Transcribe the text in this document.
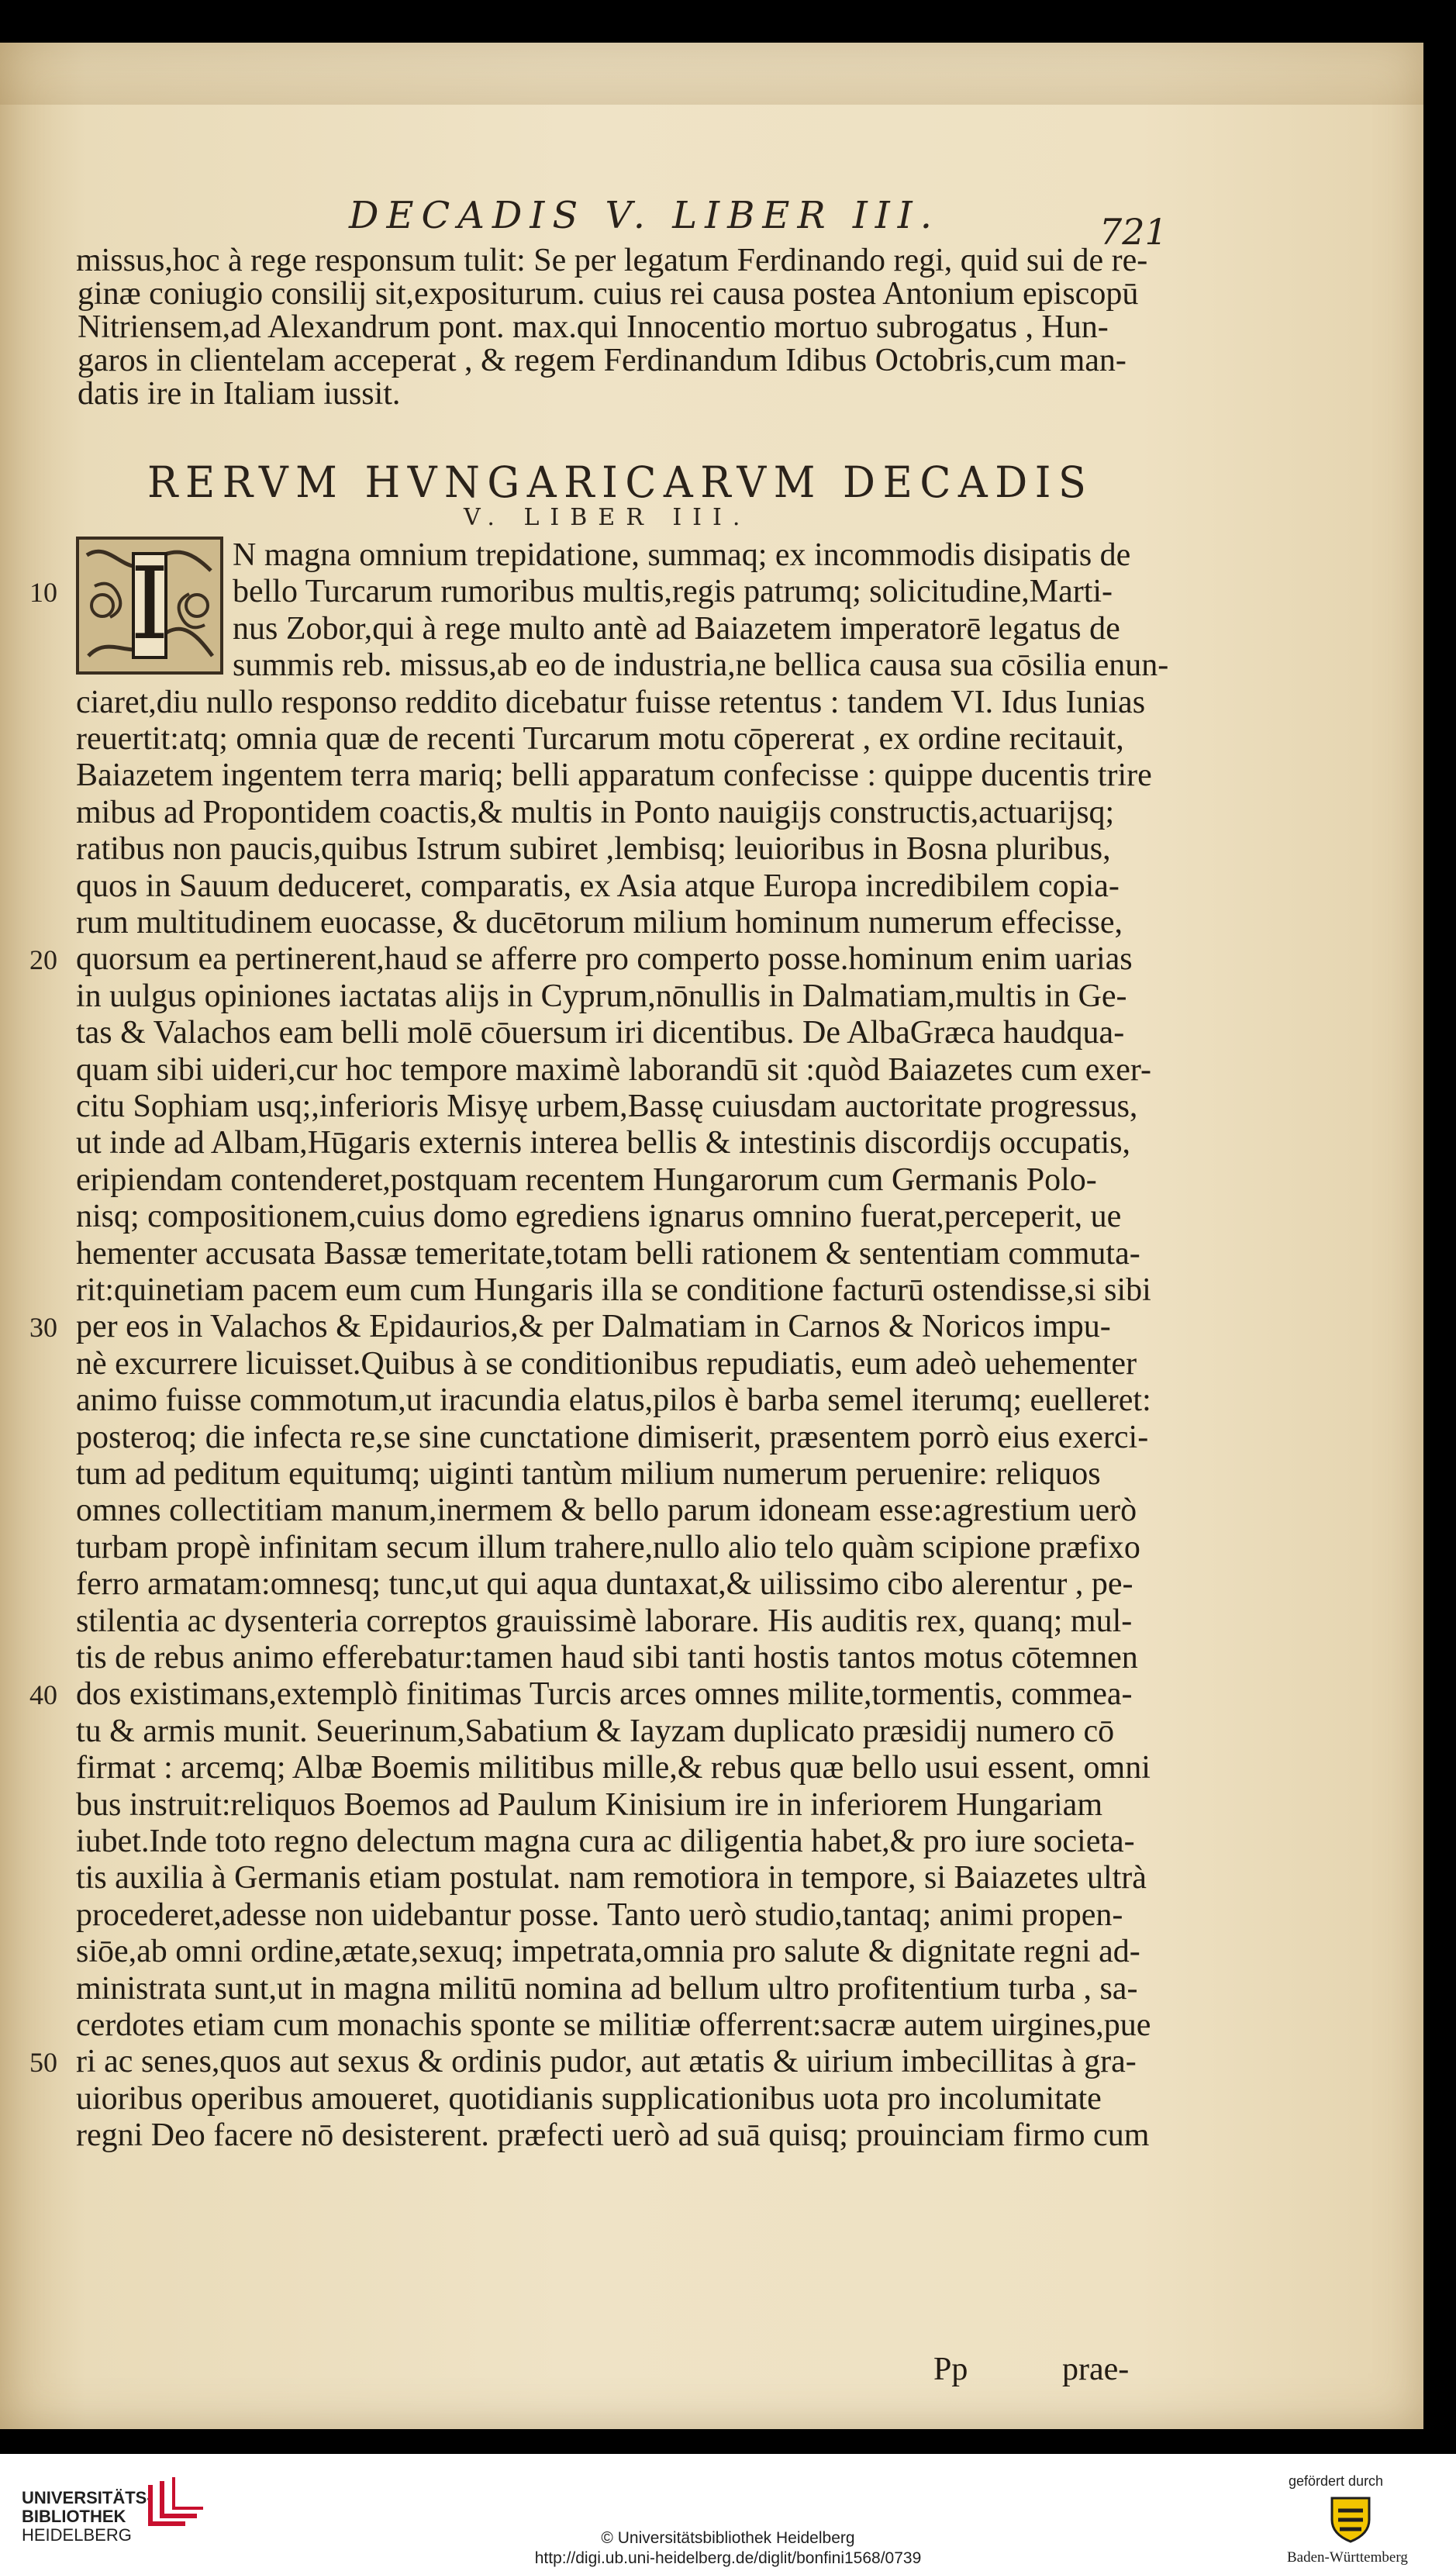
DECADIS V. LIBER III.	721
missus,hoc à rege responsum tulit: Se per legatum Ferdinando regi, quid sui de re-
ginæ coniugio consilij sit,expositurum. cuius rei causa postea Antonium episcopū
Nitriensem,ad Alexandrum pont. max.qui Innocentio mortuo subrogatus , Hun-
garos in clientelam acceperat , & regem Ferdinandum Idibus Octobris,cum man-
datis ire in Italiam iussit.
RERVM HVNGARICARVM DECADIS
V. LIBER III.
I N magna omnium trepidatione, summaq; ex incommodis disipatis de
bello Turcarum rumoribus multis,regis patrumq; solicitudine,Marti-
nus Zobor,qui à rege multo antè ad Baiazetem imperatorē legatus de
summis reb. missus,ab eo de industria,ne bellica causa sua cōsilia enun-
ciaret,diu nullo responso reddito dicebatur fuisse retentus : tandem VI. Idus Iunias
reuertit:atq; omnia quæ de recenti Turcarum motu cōpererat , ex ordine recitauit,
Baiazetem ingentem terra mariq; belli apparatum confecisse : quippe ducentis trire
mibus ad Propontidem coactis,& multis in Ponto nauigijs constructis,actuarijsq;
ratibus non paucis,quibus Istrum subiret ,lembisq; leuioribus in Bosna pluribus,
quos in Sauum deduceret, comparatis, ex Asia atque Europa incredibilem copia-
rum multitudinem euocasse, & ducētorum milium hominum numerum effecisse,
quorsum ea pertinerent,haud se afferre pro comperto posse.hominum enim uarias
in uulgus opiniones iactatas alijs in Cyprum,nōnullis in Dalmatiam,multis in Ge-
tas & Valachos eam belli molē cōuersum iri dicentibus. De AlbaGræca haudqua-
quam sibi uideri,cur hoc tempore maximè laborandū sit :quòd Baiazetes cum exer-
citu Sophiam usq;,inferioris Misyę urbem,Bassę cuiusdam auctoritate progressus,
ut inde ad Albam,Hūgaris externis interea bellis & intestinis discordijs occupatis,
eripiendam contenderet,postquam recentem Hungarorum cum Germanis Polo-
nisq; compositionem,cuius domo egrediens ignarus omnino fuerat,perceperit, ue
hementer accusata Bassæ temeritate,totam belli rationem & sententiam commuta-
rit:quinetiam pacem eum cum Hungaris illa se conditione facturū ostendisse,si sibi
per eos in Valachos & Epidaurios,& per Dalmatiam in Carnos & Noricos impu-
nè excurrere licuisset.Quibus à se conditionibus repudiatis, eum adeò uehementer
animo fuisse commotum,ut iracundia elatus,pilos è barba semel iterumq; euelleret:
posteroq; die infecta re,se sine cunctatione dimiserit, præsentem porrò eius exerci-
tum ad peditum equitumq; uiginti tantùm milium numerum peruenire: reliquos
omnes collectitiam manum,inermem & bello parum idoneam esse:agrestium uerò
turbam propè infinitam secum illum trahere,nullo alio telo quàm scipione præfixo
ferro armatam:omnesq; tunc,ut qui aqua duntaxat,& uilissimo cibo alerentur , pe-
stilentia ac dysenteria correptos grauissimè laborare. His auditis rex, quanq; mul-
tis de rebus animo efferebatur:tamen haud sibi tanti hostis tantos motus cōtemnen
dos existimans,extemplò finitimas Turcis arces omnes milite,tormentis, commea-
tu & armis munit. Seuerinum,Sabatium & Iayzam duplicato præsidij numero cō
firmat : arcemq; Albæ Boemis militibus mille,& rebus quæ bello usui essent, omni
bus instruit:reliquos Boemos ad Paulum Kinisium ire in inferiorem Hungariam
iubet.Inde toto regno delectum magna cura ac diligentia habet,& pro iure societa-
tis auxilia à Germanis etiam postulat. nam remotiora in tempore, si Baiazetes ultrà
procederet,adesse non uidebantur posse. Tanto uerò studio,tantaq; animi propen-
siōe,ab omni ordine,ætate,sexuq; impetrata,omnia pro salute & dignitate regni ad-
ministrata sunt,ut in magna militū nomina ad bellum ultro profitentium turba , sa-
cerdotes etiam cum monachis sponte se militiæ offerrent:sacræ autem uirgines,pue
ri ac senes,quos aut sexus & ordinis pudor, aut ætatis & uirium imbecillitas à gra-
uioribus operibus amoueret, quotidianis supplicationibus uota pro incolumitate
regni Deo facere nō desisterent. præfecti uerò ad suā quisq; prouinciam firmo cum
10
20
30
40
50
Pp	prae-
UNIVERSITÄTS-
BIBLIOTHEK
HEIDELBERG	© Universitätsbibliothek Heidelberg
http://digi.ub.uni-heidelberg.de/diglit/bonfini1568/0739
gefördert durch
Baden-Württemberg
